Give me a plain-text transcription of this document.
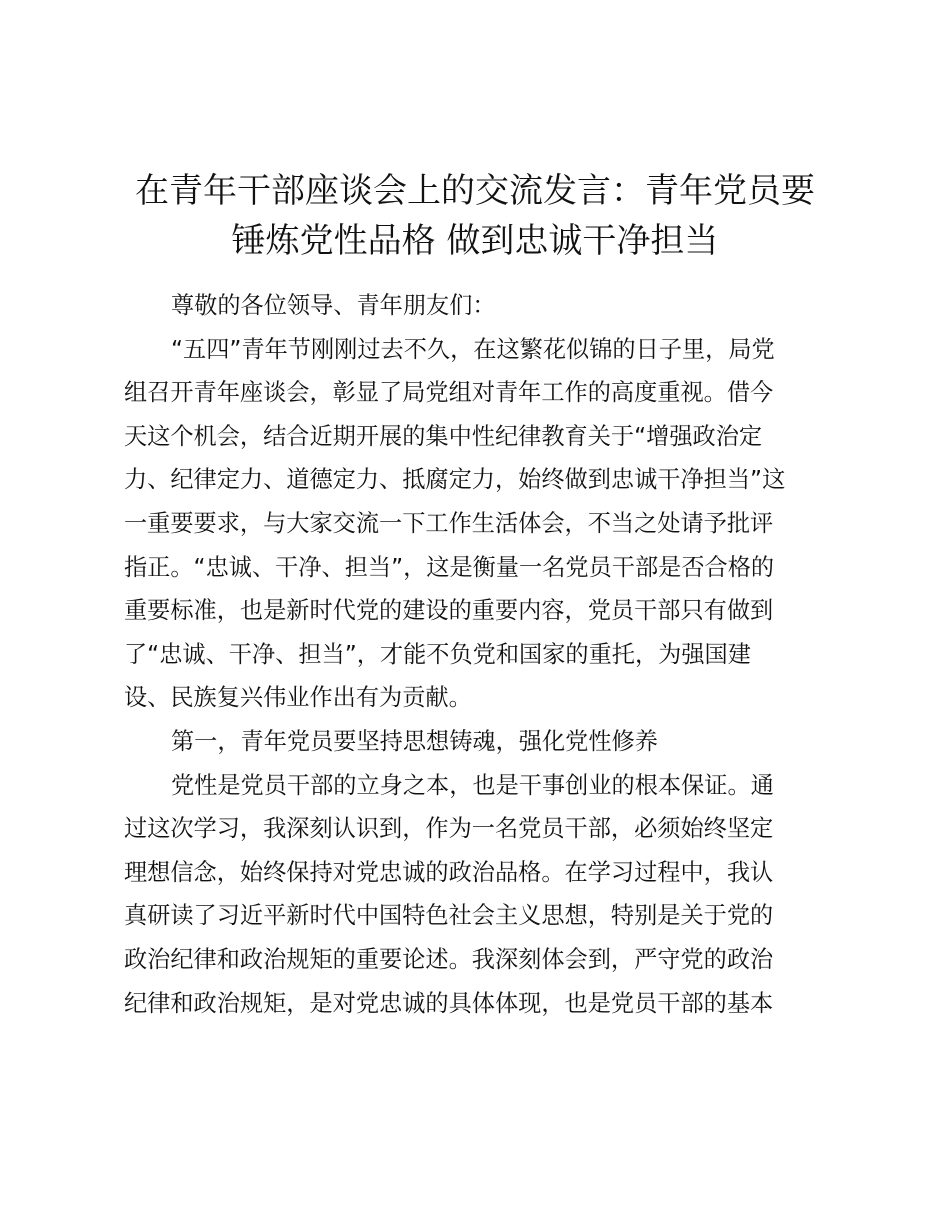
在青年干部座谈会上的交流发言：青年党员要
锤炼党性品格 做到忠诚干净担当
尊敬的各位领导、青年朋友们：
“五四”青年节刚刚过去不久，在这繁花似锦的日子里，局党
组召开青年座谈会，彰显了局党组对青年工作的高度重视。借今
天这个机会，结合近期开展的集中性纪律教育关于“增强政治定
力、纪律定力、道德定力、抵腐定力，始终做到忠诚干净担当”这
一重要要求，与大家交流一下工作生活体会，不当之处请予批评
指正。“忠诚、干净、担当”，这是衡量一名党员干部是否合格的
重要标准，也是新时代党的建设的重要内容，党员干部只有做到
了“忠诚、干净、担当”，才能不负党和国家的重托，为强国建
设、民族复兴伟业作出有为贡献。
第一，青年党员要坚持思想铸魂，强化党性修养
党性是党员干部的立身之本，也是干事创业的根本保证。通
过这次学习，我深刻认识到，作为一名党员干部，必须始终坚定
理想信念，始终保持对党忠诚的政治品格。在学习过程中，我认
真研读了习近平新时代中国特色社会主义思想，特别是关于党的
政治纪律和政治规矩的重要论述。我深刻体会到，严守党的政治
纪律和政治规矩，是对党忠诚的具体体现，也是党员干部的基本
